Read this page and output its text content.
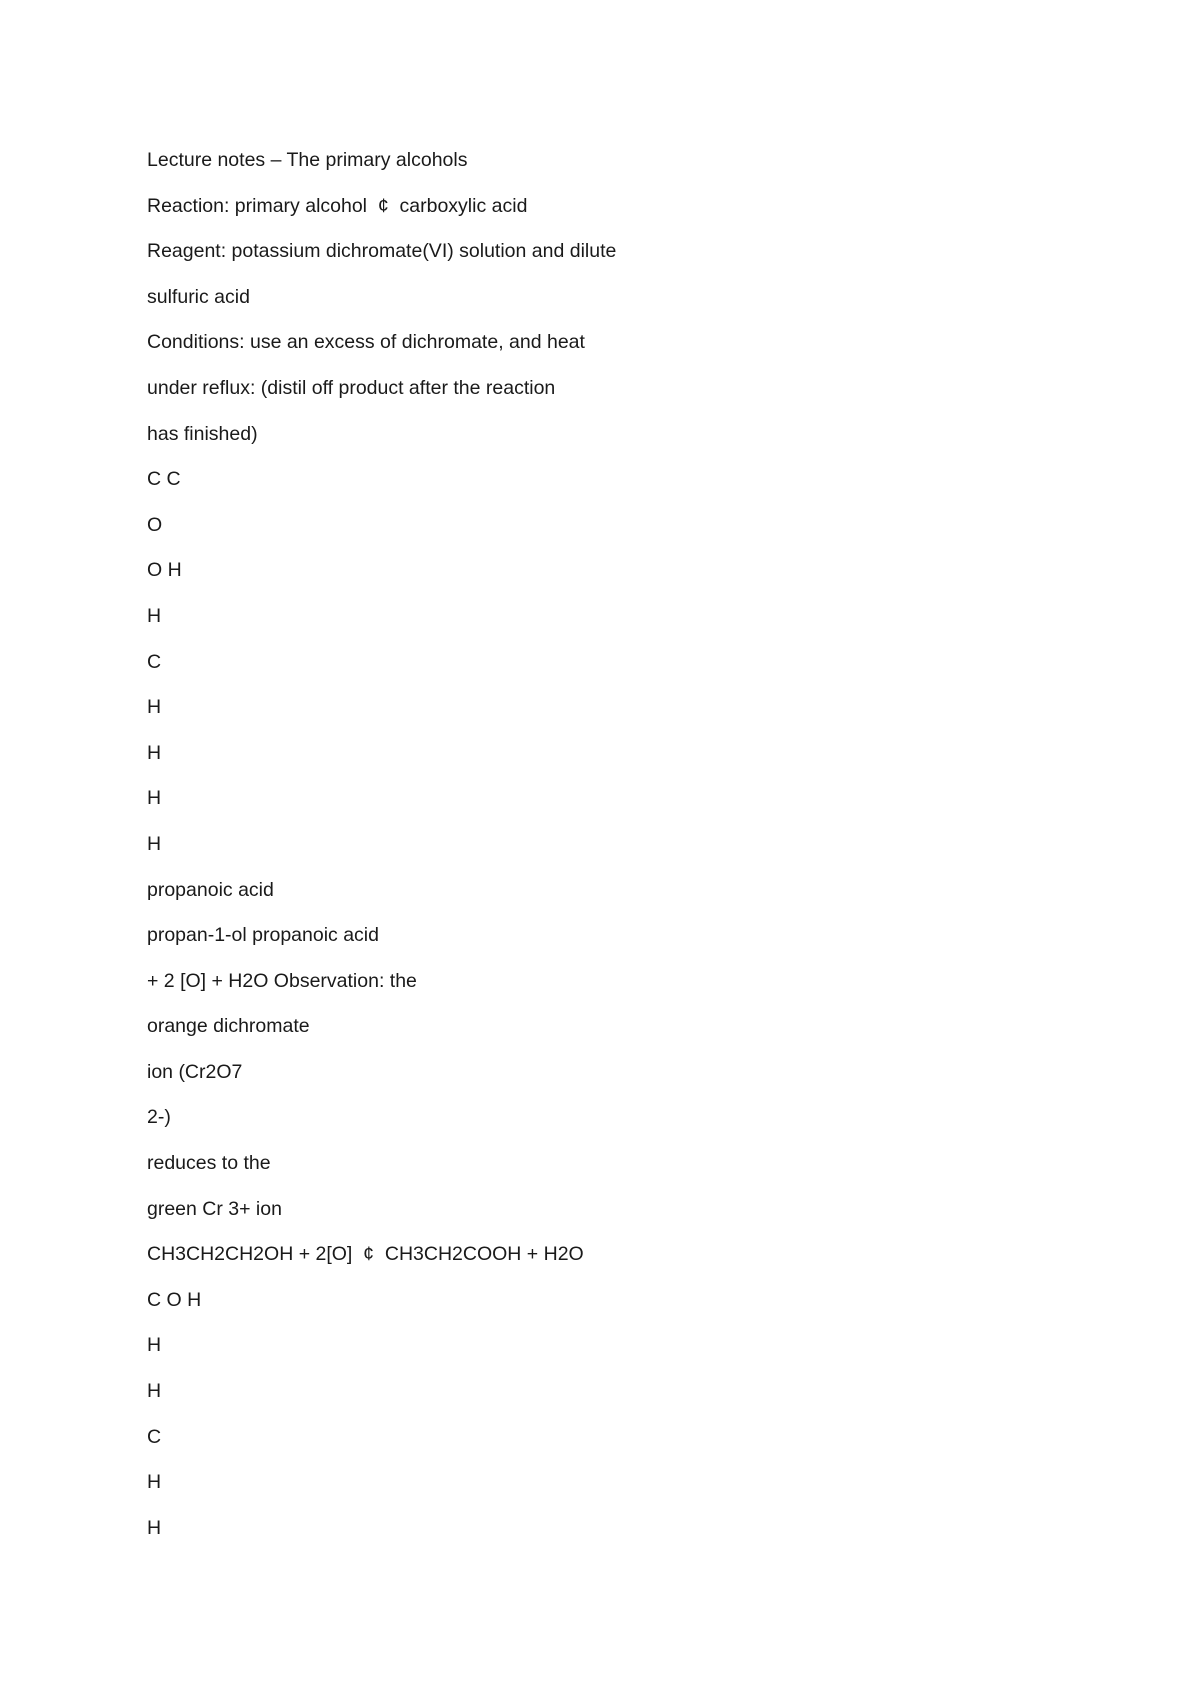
Lecture notes – The primary alcohols
Reaction: primary alcohol  ¢  carboxylic acid
Reagent: potassium dichromate(VI) solution and dilute
sulfuric acid
Conditions: use an excess of dichromate, and heat
under reflux: (distil off product after the reaction
has finished)
C C
O
O H
H
C
H
H
H
H
propanoic acid
propan-1-ol propanoic acid
+ 2 [O] + H2O Observation: the
orange dichromate
ion (Cr2O7
2-)
reduces to the
green Cr 3+ ion
CH3CH2CH2OH + 2[O]  ¢  CH3CH2COOH + H2O
C O H
H
H
C
H
H
